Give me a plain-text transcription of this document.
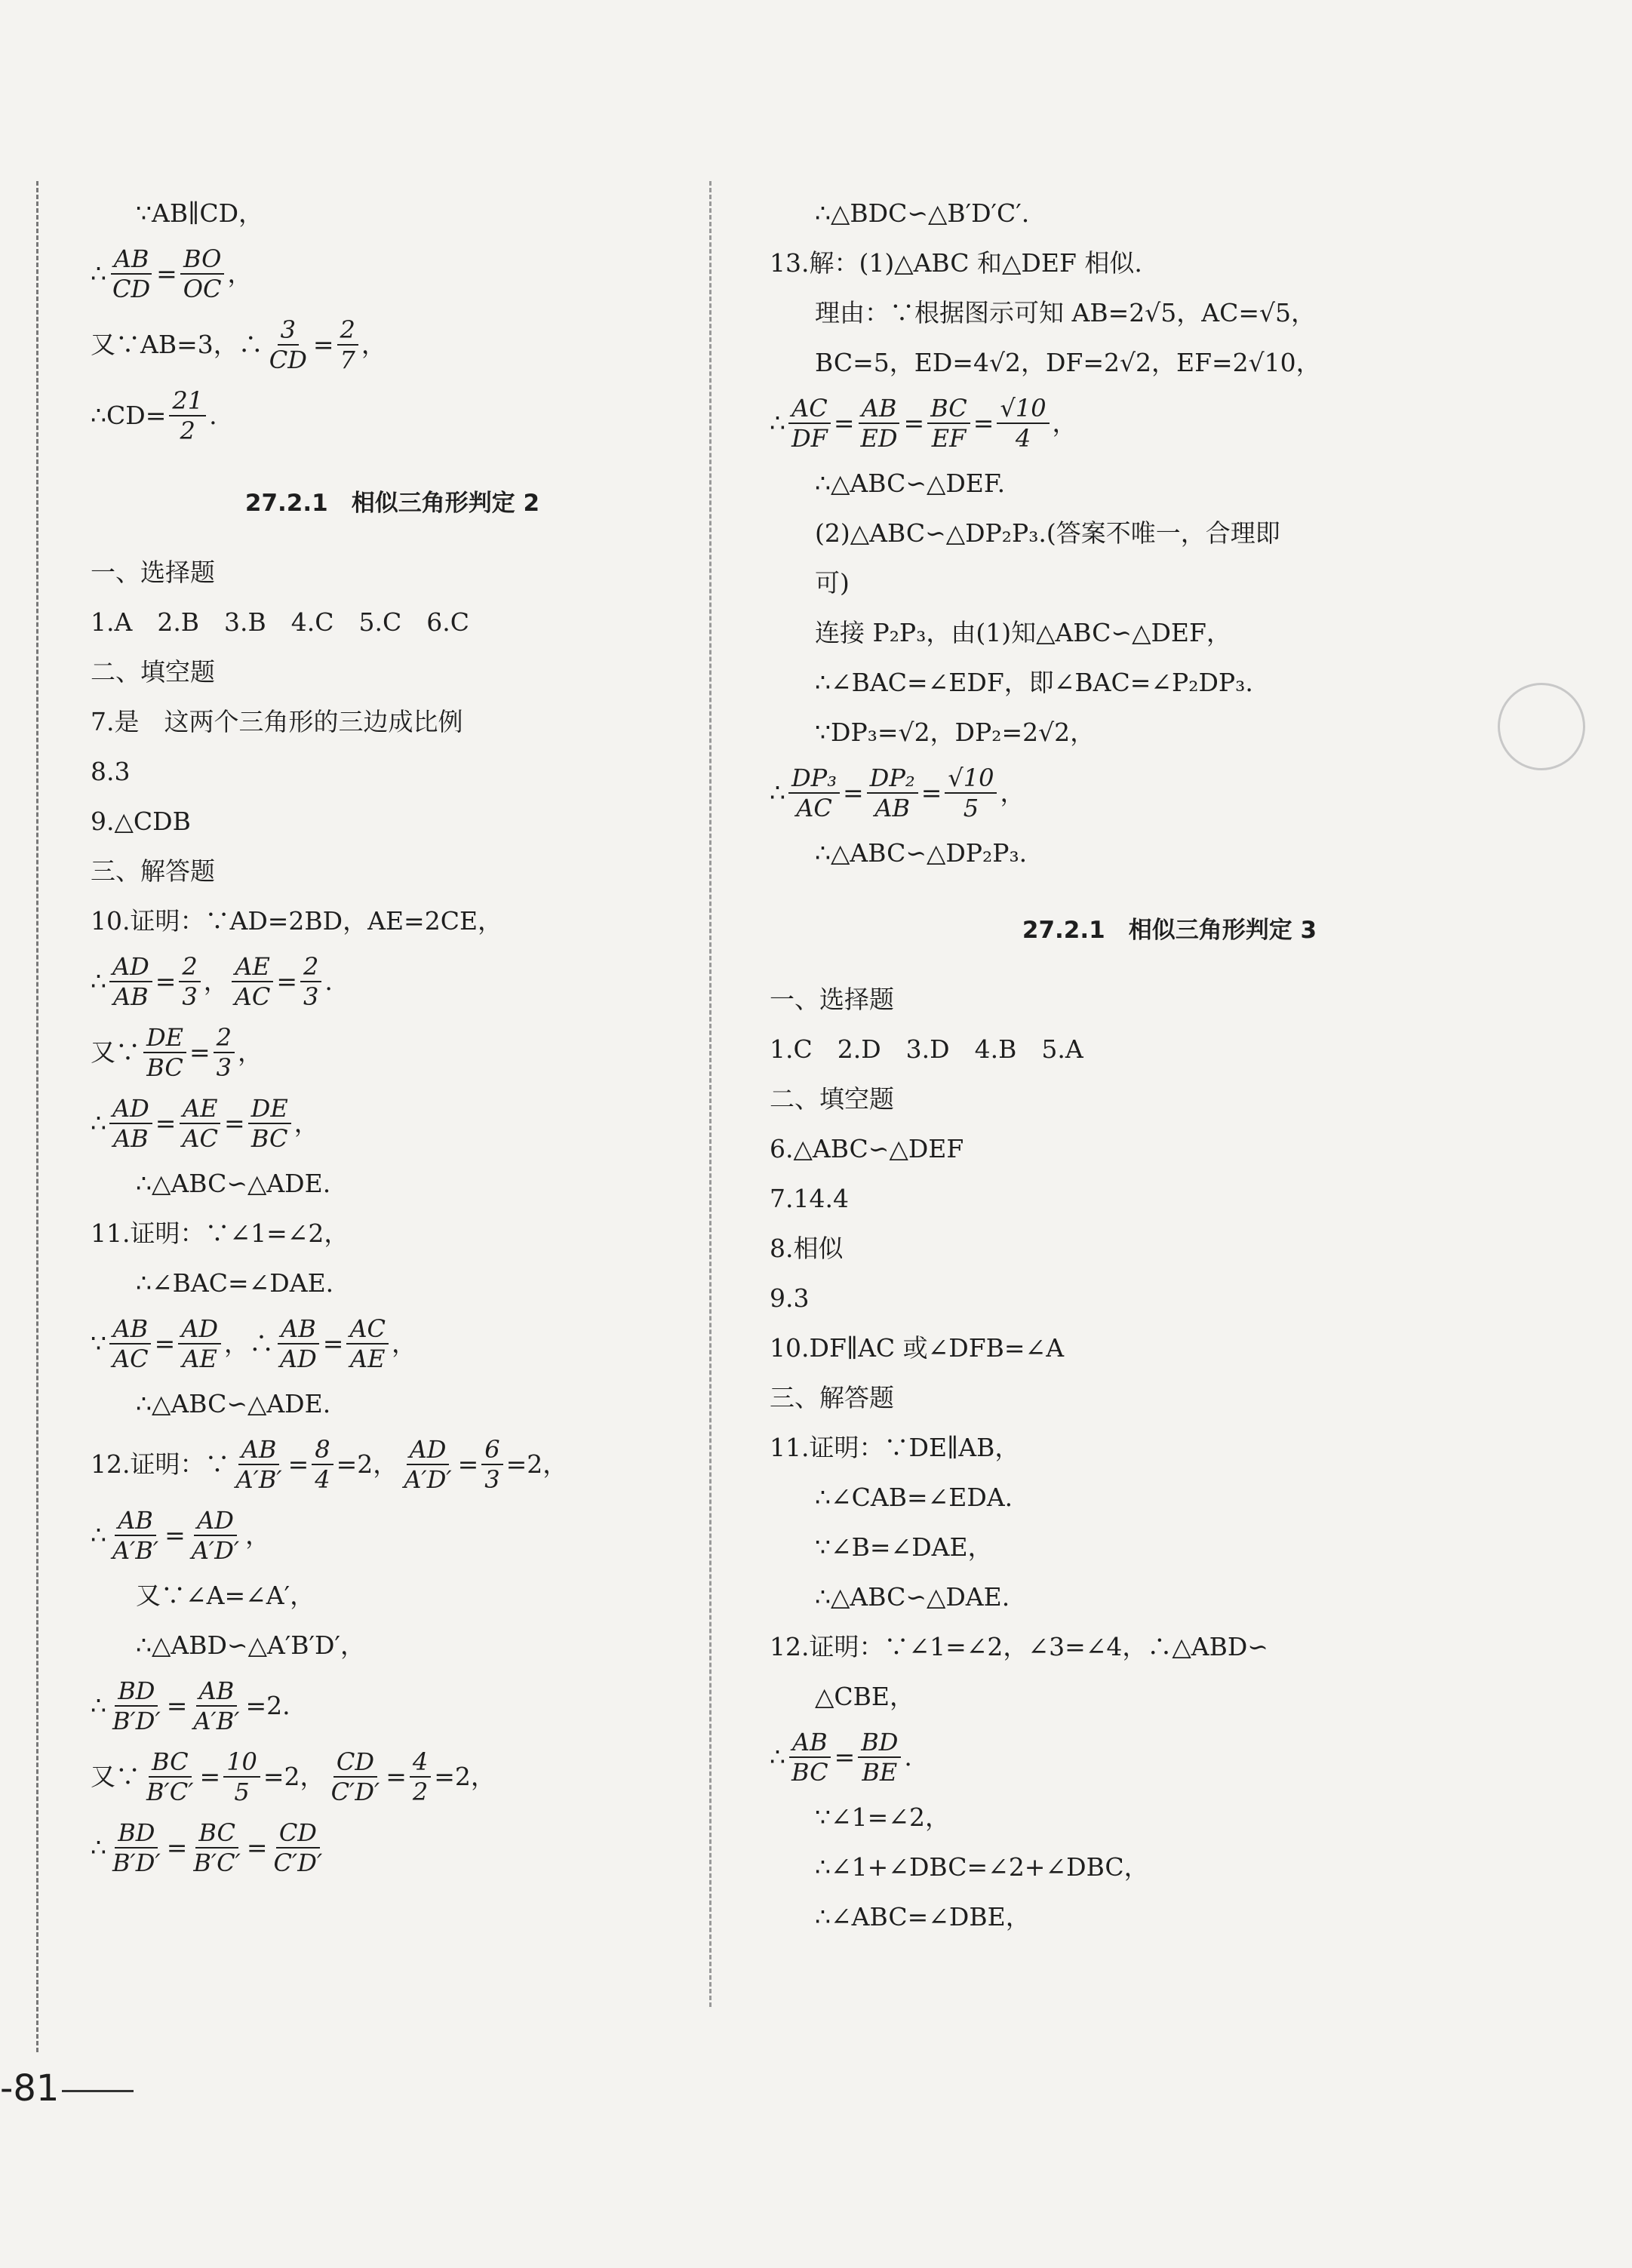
∵AB∥CD，
∴ $\frac{AB}{CD} = \frac{BO}{OC}$ ，
又∵AB=3，∴ $\frac{3}{CD} = \frac{2}{7}$ ，
∴CD= $\frac{21}{2}$ .
27.2.1　相似三角形判定 2
一、选择题
1.A　2.B　3.B　4.C　5.C　6.C
二、填空题
7.是　这两个三角形的三边成比例
8.3
9.△CDB
三、解答题
10.证明：∵AD=2BD，AE=2CE，
∴ $\frac{AD}{AB} = \frac{2}{3}$ ， $\frac{AE}{AC} = \frac{2}{3}$ .
又∵ $\frac{DE}{BC} = \frac{2}{3}$ ，
∴ $\frac{AD}{AB} = \frac{AE}{AC} = \frac{DE}{BC}$ ，
∴△ABC∽△ADE.
11.证明：∵∠1=∠2，
∴∠BAC=∠DAE.
∵ $\frac{AB}{AC} = \frac{AD}{AE}$ ，∴ $\frac{AB}{AD} = \frac{AC}{AE}$ ，
∴△ABC∽△ADE.
12.证明：∵ $\frac{AB}{A'B'} = \frac{8}{4} =2$， $\frac{AD}{A'D'} = \frac{6}{3} =2$，
∴ $\frac{AB}{A'B'} = \frac{AD}{A'D'}$ ，
又∵∠A=∠A′，
∴△ABD∽△A′B′D′，
∴ $\frac{BD}{B'D'} = \frac{AB}{A'B'} =2$.
又∵ $\frac{BC}{B'C'} = \frac{10}{5} =2$， $\frac{CD}{C'D'} = \frac{4}{2} =2$，
∴ $\frac{BD}{B'D'} = \frac{BC}{B'C'} = \frac{CD}{C'D'}$
∴△BDC∽△B′D′C′.
13.解：(1)△ABC 和△DEF 相似.
理由：∵根据图示可知 AB=2√5，AC=√5，
BC=5，ED=4√2，DF=2√2，EF=2√10，
∴ $\frac{AC}{DF} = \frac{AB}{ED} = \frac{BC}{EF} = \frac{√10}{4}$ ，
∴△ABC∽△DEF.
(2)△ABC∽△DP₂P₃.(答案不唯一，合理即
可)
连接 P₂P₃，由(1)知△ABC∽△DEF，
∴∠BAC=∠EDF，即∠BAC=∠P₂DP₃.
∵DP₃=√2，DP₂=2√2，
∴ $\frac{\text{DP₃}}{AC} = \frac{\text{DP₂}}{AB} = \frac{√10}{5}$ ，
∴△ABC∽△DP₂P₃.
27.2.1　相似三角形判定 3
一、选择题
1.C　2.D　3.D　4.B　5.A
二、填空题
6.△ABC∽△DEF
7.14.4
8.相似
9.3
10.DF∥AC 或∠DFB=∠A
三、解答题
11.证明：∵DE∥AB，
∴∠CAB=∠EDA.
∵∠B=∠DAE，
∴△ABC∽△DAE.
12.证明：∵∠1=∠2，∠3=∠4，∴△ABD∽
△CBE，
∴ $\frac{AB}{BC} = \frac{BD}{BE}$ .
∵∠1=∠2，
∴∠1+∠DBC=∠2+∠DBC，
∴∠ABC=∠DBE，
-81
